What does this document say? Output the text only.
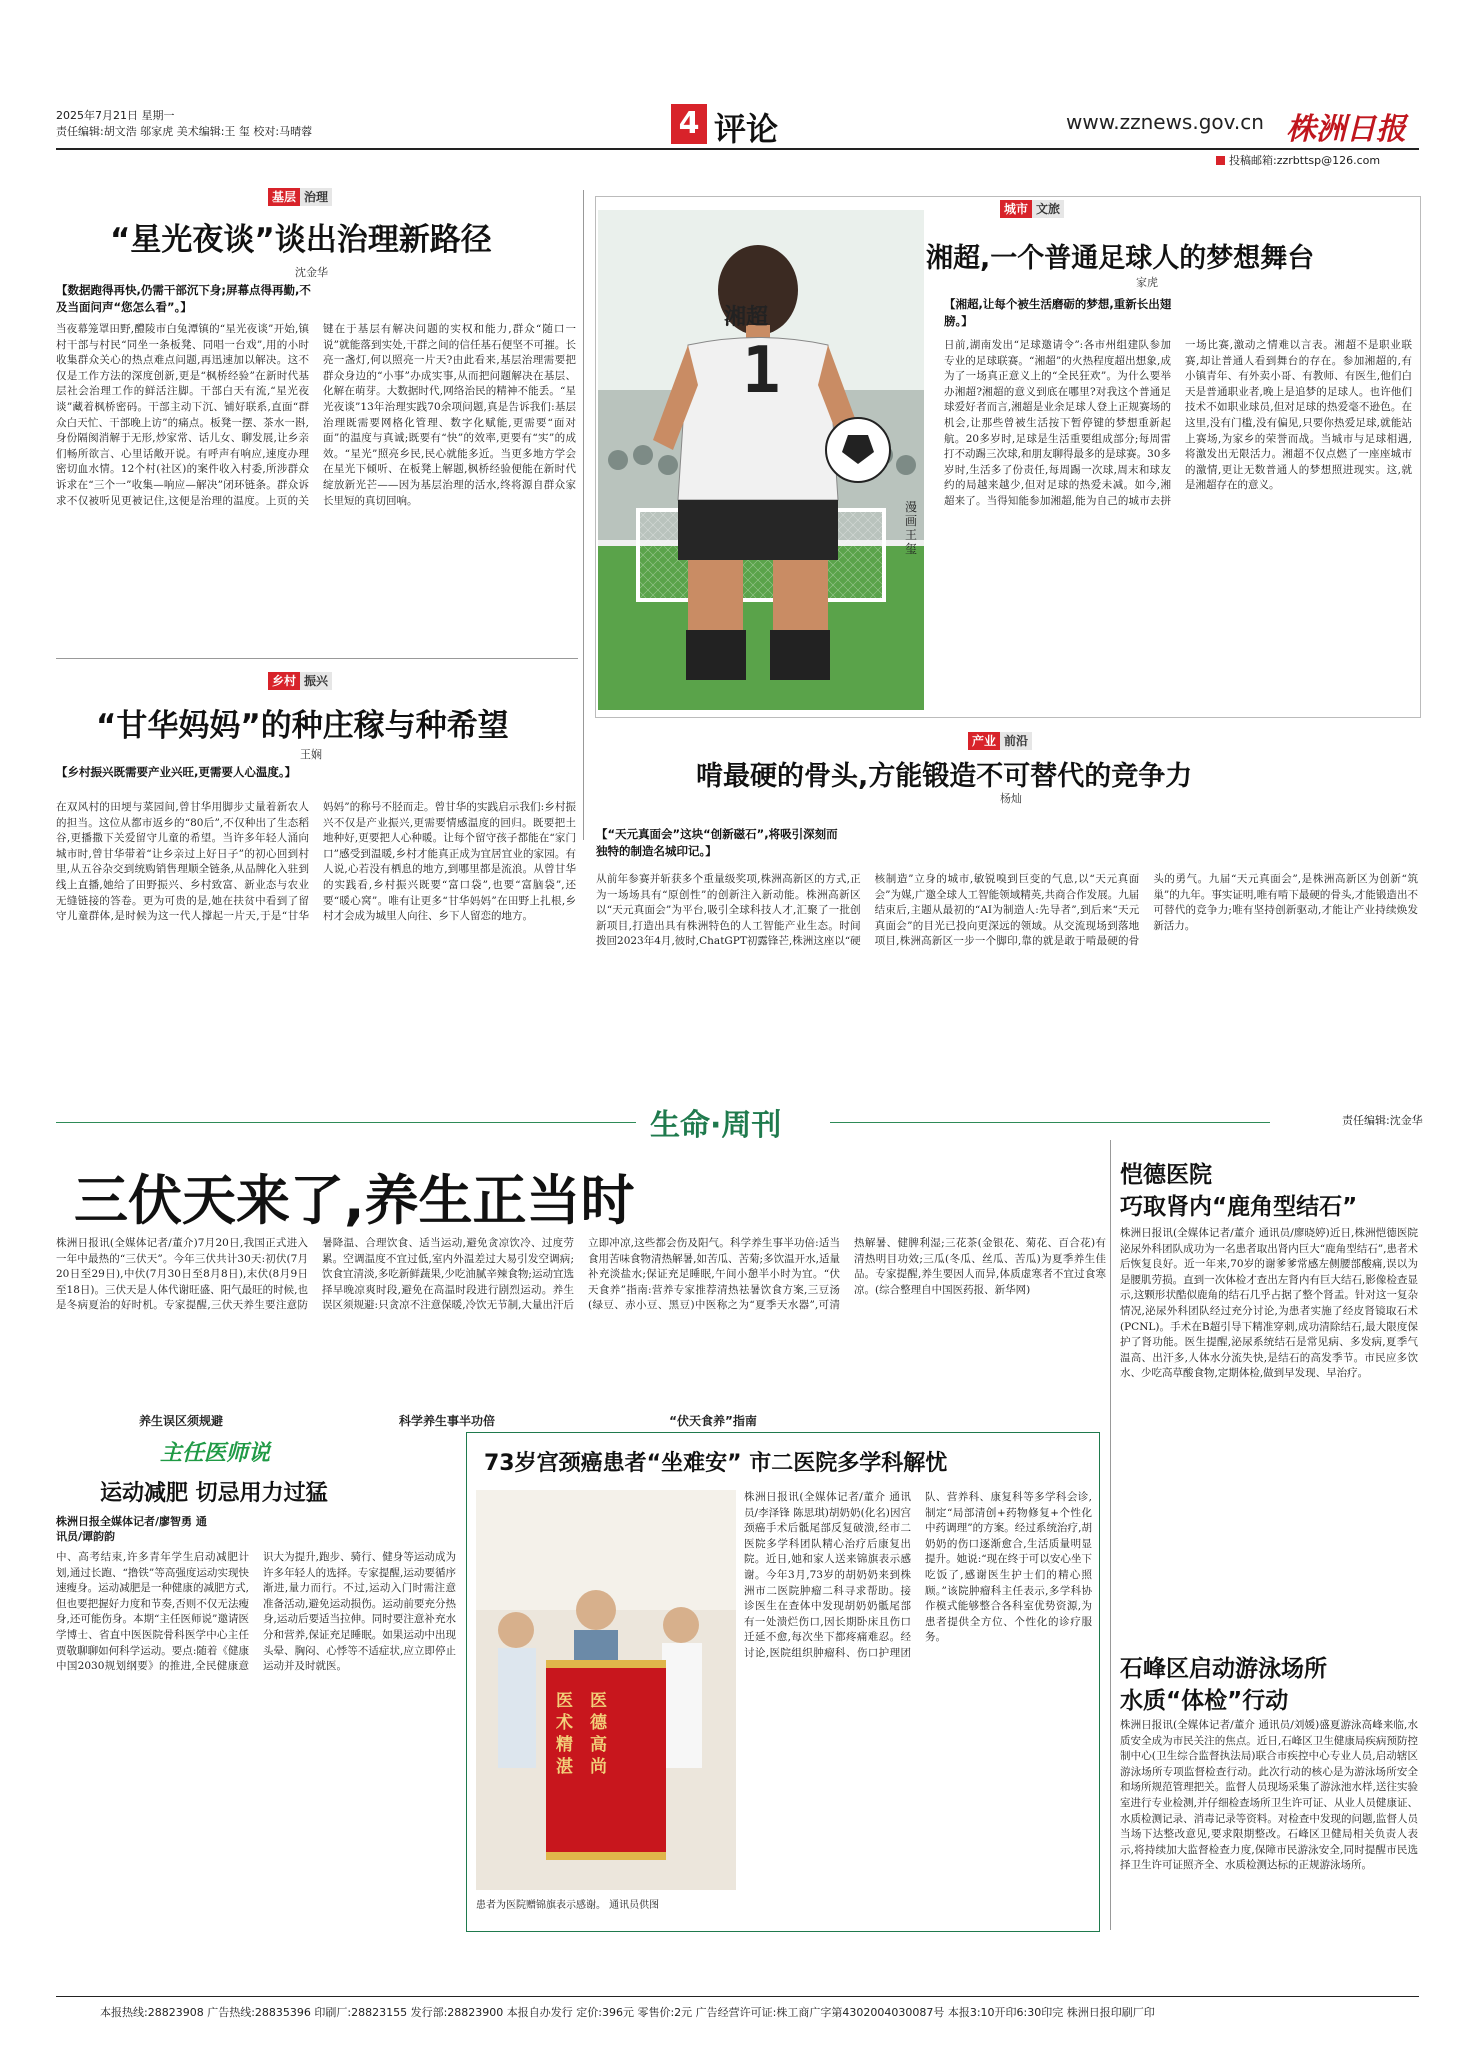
2025年7月21日 星期一
责任编辑:胡文浩 邬家虎 美术编辑:王 玺 校对:马晴蓉	4 评论	www.zznews.gov.cn 株洲日报
投稿邮箱:zzrbttsp@126.com
基层 治理
“星光夜谈”谈出治理新路径
沈金华
【数据跑得再快,仍需干部沉下身;屏幕点得再勤,不及当面问声“您怎么看”。】
当夜幕笼罩田野,醴陵市白兔潭镇的“星光夜谈”开始,镇村干部与村民“同坐一条板凳、同唱一台戏”,用的小时收集群众关心的热点难点问题,再迅速加以解决。这不仅是工作方法的深度创新,更是“枫桥经验”在新时代基层社会治理工作的鲜活注脚。干部白天有流,“星光夜谈”藏着枫桥密码。干部主动下沉、铺好联系,直面“群众白天忙、干部晚上访”的痛点。板凳一摆、茶水一斟,身份隔阂消解于无形,炒家常、话儿女、聊发展,让乡亲们畅所欲言、心里话敞开说。有呼声有响应,速度办理密切血水情。12个村(社区)的案件收入村委,所涉群众诉求在“三个一”收集—响应—解决”闭环链条。群众诉求不仅被听见更被记住,这便是治理的温度。上页的关键在于基层有解决问题的实权和能力,群众“随口一说”就能落到实处,干群之间的信任基石便坚不可摧。长亮一盏灯,何以照亮一片天?由此看来,基层治理需要把群众身边的“小事”办成实事,从而把问题解决在基层、化解在萌芽。大数据时代,网络治民的精神不能丢。“星光夜谈”13年治理实践70余项问题,真是告诉我们:基层治理既需要网格化管理、数字化赋能,更需要“面对面”的温度与真诚;既要有“快”的效率,更要有“实”的成效。“星光”照亮乡民,民心就能多近。当更多地方学会在星光下倾听、在板凳上解题,枫桥经验便能在新时代绽放新光芒——因为基层治理的活水,终将源自群众家长里短的真切回响。
乡村 振兴
“甘华妈妈”的种庄稼与种希望
王娴
【乡村振兴既需要产业兴旺,更需要人心温度。】
在双风村的田埂与菜园间,曾甘华用脚步丈量着新农人的担当。这位从都市返乡的“80后”,不仅种出了生态稻谷,更播撒下关爱留守儿童的希望。当许多年轻人涌向城市时,曾甘华带着“让乡亲过上好日子”的初心回到村里,从五谷杂交到统购销售理顺全链条,从品牌化入驻到线上直播,她给了田野振兴、乡村致富、新业态与农业无缝链接的答卷。更为可贵的是,她在扶贫中看到了留守儿童群体,是时候为这一代人撑起一片天,于是“甘华妈妈”的称号不胫而走。曾甘华的实践启示我们:乡村振兴不仅是产业振兴,更需要情感温度的回归。既要把土地种好,更要把人心种暖。让每个留守孩子都能在“家门口”感受到温暖,乡村才能真正成为宜居宜业的家园。有人说,心若没有栖息的地方,到哪里都是流浪。从曾甘华的实践看,乡村振兴既要“富口袋”,也要“富脑袋”,还要“暖心窝”。唯有让更多“甘华妈妈”在田野上扎根,乡村才会成为城里人向往、乡下人留恋的地方。
城市 文旅
湘超,一个普通足球人的梦想舞台
家虎
湘超
1
漫画 王玺
【湘超,让每个被生活磨砺的梦想,重新长出翅膀。】
日前,湖南发出“足球邀请令”:各市州组建队参加专业的足球联赛。“湘超”的火热程度超出想象,成为了一场真正意义上的“全民狂欢”。为什么要举办湘超?湘超的意义到底在哪里?对我这个普通足球爱好者而言,湘超是业余足球人登上正规赛场的机会,让那些曾被生活按下暂停键的梦想重新起航。20多岁时,足球是生活重要组成部分;每周雷打不动踢三次球,和朋友聊得最多的是球赛。30多岁时,生活多了份责任,每周踢一次球,周末和球友约的局越来越少,但对足球的热爱未减。如今,湘超来了。当得知能参加湘超,能为自己的城市去拼一场比赛,激动之情难以言表。湘超不是职业联赛,却让普通人看到舞台的存在。参加湘超的,有小镇青年、有外卖小哥、有教师、有医生,他们白天是普通职业者,晚上是追梦的足球人。也许他们技术不如职业球员,但对足球的热爱毫不逊色。在这里,没有门槛,没有偏见,只要你热爱足球,就能站上赛场,为家乡的荣誉而战。当城市与足球相遇,将激发出无限活力。湘超不仅点燃了一座座城市的激情,更让无数普通人的梦想照进现实。这,就是湘超存在的意义。
产业 前沿
啃最硬的骨头,方能锻造不可替代的竞争力
杨灿
【“天元真面会”这块“创新磁石”,将吸引深刻而独特的制造名城印记。】
从前年参赛并斩获多个重量级奖项,株洲高新区的方式,正为一场场具有“原创性”的创新注入新动能。株洲高新区以“天元真面会”为平台,吸引全球科技人才,汇聚了一批创新项目,打造出具有株洲特色的人工智能产业生态。时间拨回2023年4月,彼时,ChatGPT初露锋芒,株洲这座以“硬核制造”立身的城市,敏锐嗅到巨变的气息,以“天元真面会”为媒,广邀全球人工智能领域精英,共商合作发展。九届结束后,主题从最初的“AI为制造人:先导者”,到后来“天元真面会”的目光已投向更深远的领域。从交流现场到落地项目,株洲高新区一步一个脚印,靠的就是敢于啃最硬的骨头的勇气。九届“天元真面会”,是株洲高新区为创新“筑巢”的九年。事实证明,唯有啃下最硬的骨头,才能锻造出不可替代的竞争力;唯有坚持创新驱动,才能让产业持续焕发新活力。
生命·周刊	责任编辑:沈金华
三伏天来了,养生正当时
株洲日报讯(全媒体记者/董介)7月20日,我国正式进入一年中最热的“三伏天”。今年三伏共计30天:初伏(7月20日至29日),中伏(7月30日至8月8日),末伏(8月9日至18日)。三伏天是人体代谢旺盛、阳气最旺的时候,也是冬病夏治的好时机。专家提醒,三伏天养生要注意防暑降温、合理饮食、适当运动,避免贪凉饮冷、过度劳累。空调温度不宜过低,室内外温差过大易引发空调病;饮食宜清淡,多吃新鲜蔬果,少吃油腻辛辣食物;运动宜选择早晚凉爽时段,避免在高温时段进行剧烈运动。养生误区须规避:只贪凉不注意保暖,冷饮无节制,大量出汗后立即冲凉,这些都会伤及阳气。科学养生事半功倍:适当食用苦味食物清热解暑,如苦瓜、苦菊;多饮温开水,适量补充淡盐水;保证充足睡眠,午间小憩半小时为宜。“伏天食养”指南:营养专家推荐清热祛暑饮食方案,三豆汤(绿豆、赤小豆、黑豆)中医称之为“夏季天水器”,可清热解暑、健脾利湿;三花茶(金银花、菊花、百合花)有清热明目功效;三瓜(冬瓜、丝瓜、苦瓜)为夏季养生佳品。专家提醒,养生要因人而异,体质虚寒者不宜过食寒凉。(综合整理自中国医药报、新华网)
养生误区须规避	科学养生事半功倍	“伏天食养”指南
恺德医院
巧取肾内“鹿角型结石”
株洲日报讯(全媒体记者/董介 通讯员/廖晓婷)近日,株洲恺德医院泌尿外科团队成功为一名患者取出肾内巨大“鹿角型结石”,患者术后恢复良好。近一年来,70岁的谢爹爹常感左侧腰部酸痛,误以为是腰肌劳损。直到一次体检才查出左肾内有巨大结石,影像检查显示,这颗形状酷似鹿角的结石几乎占据了整个肾盂。针对这一复杂情况,泌尿外科团队经过充分讨论,为患者实施了经皮肾镜取石术(PCNL)。手术在B超引导下精准穿刺,成功清除结石,最大限度保护了肾功能。医生提醒,泌尿系统结石是常见病、多发病,夏季气温高、出汗多,人体水分流失快,是结石的高发季节。市民应多饮水、少吃高草酸食物,定期体检,做到早发现、早治疗。
石峰区启动游泳场所
水质“体检”行动
株洲日报讯(全媒体记者/董介 通讯员/刘媛)盛夏游泳高峰来临,水质安全成为市民关注的焦点。近日,石峰区卫生健康局疾病预防控制中心(卫生综合监督执法局)联合市疾控中心专业人员,启动辖区游泳场所专项监督检查行动。此次行动的核心是为游泳场所安全和场所规范管理把关。监督人员现场采集了游泳池水样,送往实验室进行专业检测,并仔细检查场所卫生许可证、从业人员健康证、水质检测记录、消毒记录等资料。对检查中发现的问题,监督人员当场下达整改意见,要求限期整改。石峰区卫健局相关负责人表示,将持续加大监督检查力度,保障市民游泳安全,同时提醒市民选择卫生许可证照齐全、水质检测达标的正规游泳场所。
主任医师说
运动减肥 切忌用力过猛
株洲日报全媒体记者/廖智勇 通讯员/谭韵韵
中、高考结束,许多青年学生启动减肥计划,通过长跑、“撸铁”等高强度运动实现快速瘦身。运动减肥是一种健康的减肥方式,但也要把握好力度和节奏,否则不仅无法瘦身,还可能伤身。本期“主任医师说”邀请医学博士、省直中医医院骨科医学中心主任贾敬聊聊如何科学运动。要点:随着《健康中国2030规划纲要》的推进,全民健康意识大为提升,跑步、骑行、健身等运动成为许多年轻人的选择。专家提醒,运动要循序渐进,量力而行。不过,运动入门时需注意准备活动,避免运动损伤。运动前要充分热身,运动后要适当拉伸。同时要注意补充水分和营养,保证充足睡眠。如果运动中出现头晕、胸闷、心悸等不适症状,应立即停止运动并及时就医。
73岁宫颈癌患者“坐难安” 市二医院多学科解忧
医术精湛
医德高尚
患者为医院赠锦旗表示感谢。 通讯员供图
株洲日报讯(全媒体记者/董介 通讯员/李泽锋 陈思琪)胡奶奶(化名)因宫颈癌手术后骶尾部反复破溃,经市二医院多学科团队精心治疗后康复出院。近日,她和家人送来锦旗表示感谢。今年3月,73岁的胡奶奶来到株洲市二医院肿瘤二科寻求帮助。接诊医生在查体中发现胡奶奶骶尾部有一处溃烂伤口,因长期卧床且伤口迁延不愈,每次坐下都疼痛难忍。经讨论,医院组织肿瘤科、伤口护理团队、营养科、康复科等多学科会诊,制定“局部清创+药物修复+个性化中药调理”的方案。经过系统治疗,胡奶奶的伤口逐渐愈合,生活质量明显提升。她说:“现在终于可以安心坐下吃饭了,感谢医生护士们的精心照顾。”该院肿瘤科主任表示,多学科协作模式能够整合各科室优势资源,为患者提供全方位、个性化的诊疗服务。
本报热线:28823908 广告热线:28835396 印刷厂:28823155 发行部:28823900 本报自办发行 定价:396元 零售价:2元 广告经营许可证:株工商广字第4302004030087号 本报3:10开印6:30印完 株洲日报印刷厂印
